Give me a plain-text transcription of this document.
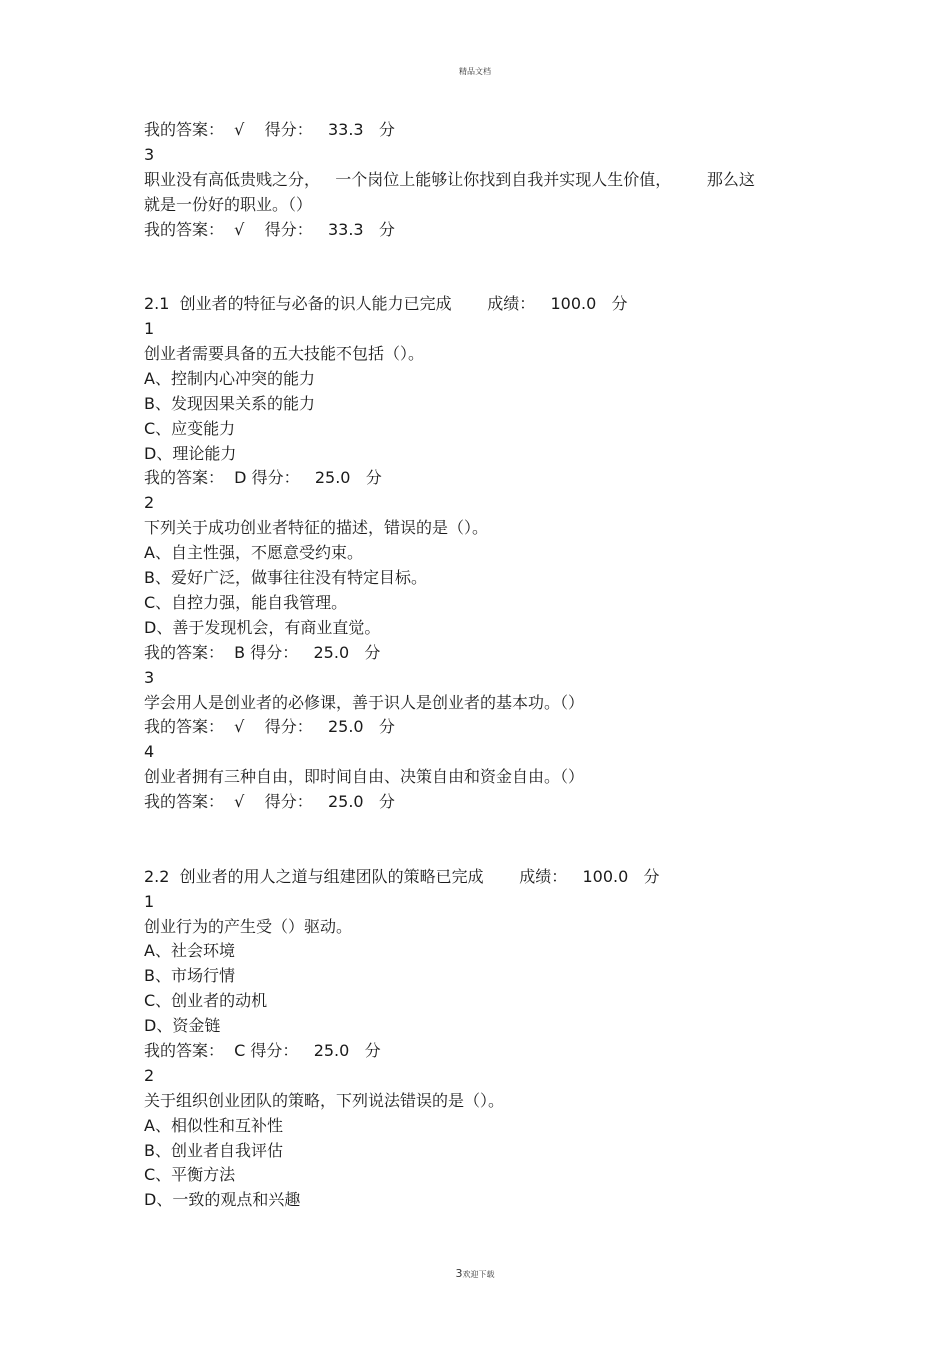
精品文档
我的答案：  √    得分：   33.3   分
3
职业没有高低贵贱之分，   一个岗位上能够让你找到自我并实现人生价值，       那么这
就是一份好的职业。（）
我的答案：  √    得分：   33.3   分
2.1  创业者的特征与必备的识人能力已完成       成绩：   100.0   分
1
创业者需要具备的五大技能不包括（）。
A、控制内心冲突的能力
B、发现因果关系的能力
C、应变能力
D、理论能力
我的答案：  D 得分：   25.0   分
2
下列关于成功创业者特征的描述，错误的是（）。
A、自主性强，不愿意受约束。
B、爱好广泛，做事往往没有特定目标。
C、自控力强，能自我管理。
D、善于发现机会，有商业直觉。
我的答案：  B 得分：   25.0   分
3
学会用人是创业者的必修课，善于识人是创业者的基本功。（）
我的答案：  √    得分：   25.0   分
4
创业者拥有三种自由，即时间自由、决策自由和资金自由。（）
我的答案：  √    得分：   25.0   分
2.2  创业者的用人之道与组建团队的策略已完成       成绩：   100.0   分
1
创业行为的产生受（）驱动。
A、社会环境
B、市场行情
C、创业者的动机
D、资金链
我的答案：  C 得分：   25.0   分
2
关于组织创业团队的策略，下列说法错误的是（）。
A、相似性和互补性
B、创业者自我评估
C、平衡方法
D、一致的观点和兴趣
3欢迎下载
